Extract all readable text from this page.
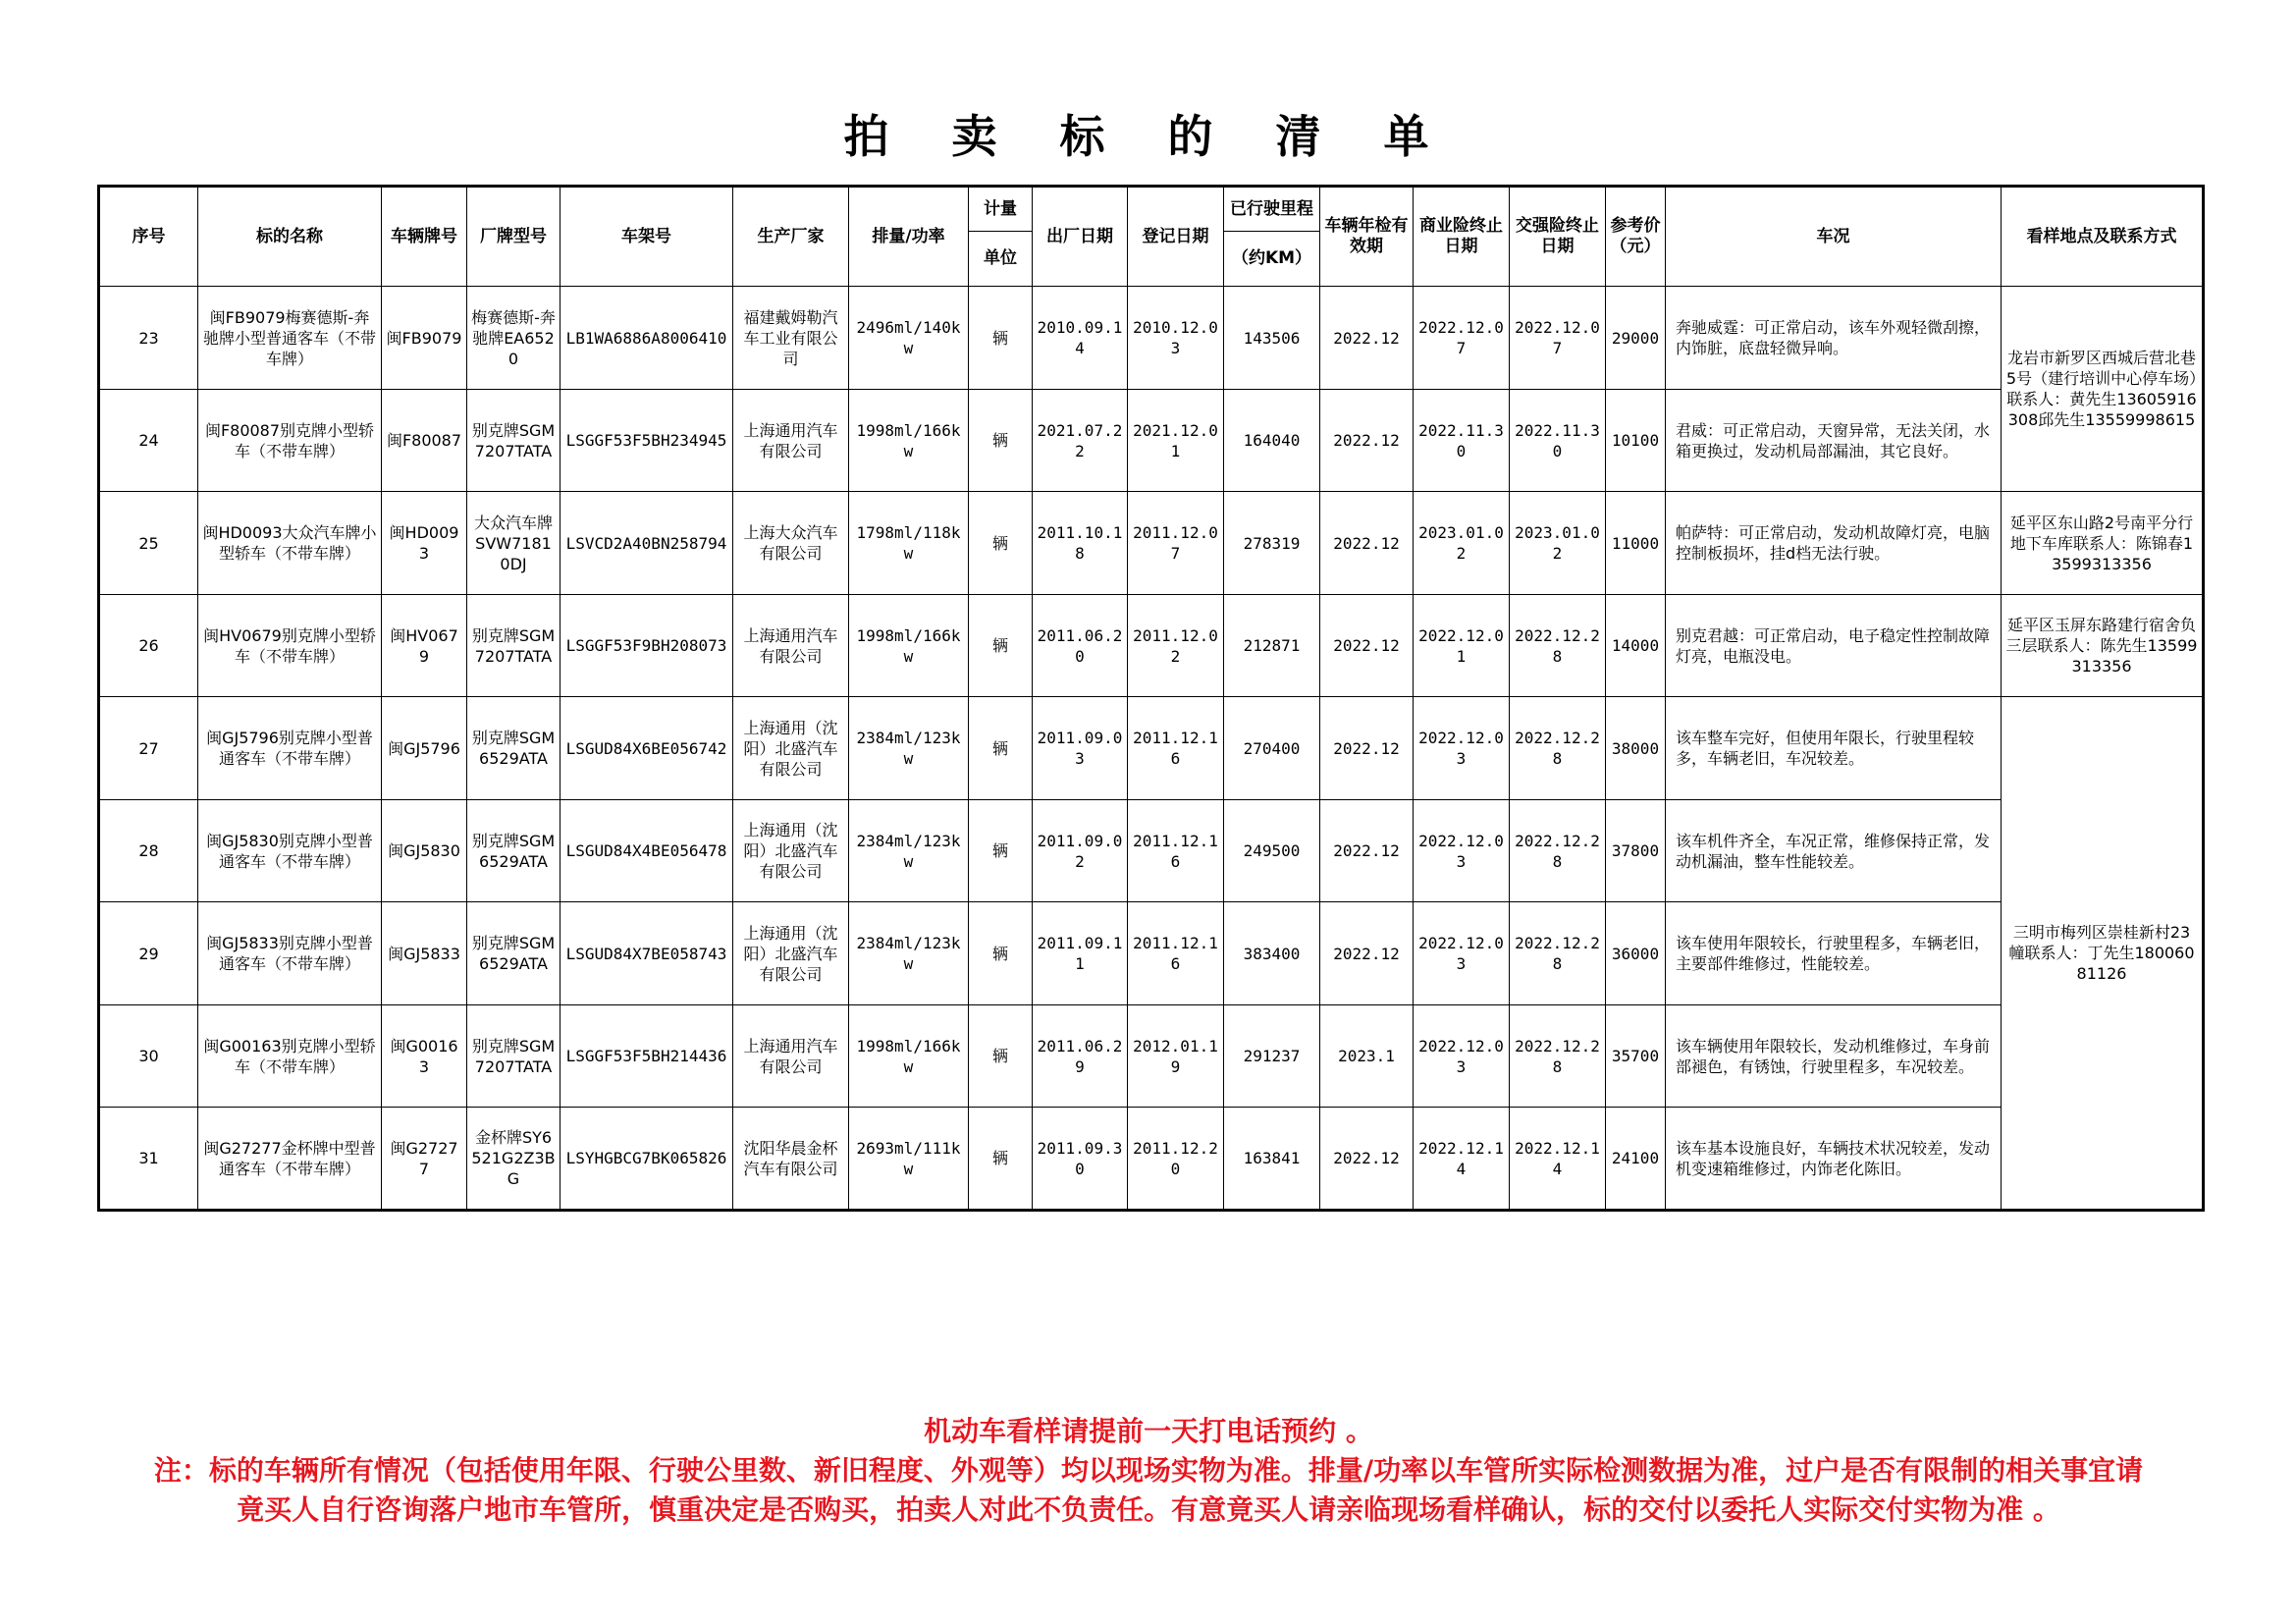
拍 卖 标 的 清 单
序号	标的名称	车辆牌号	厂牌型号	车架号	生产厂家	排量/功率	计量	出厂日期	登记日期	已行驶里程	车辆年检有效期	商业险终止日期	交强险终止日期	参考价（元）	车况	看样地点及联系方式
							单位			（约KM）						
23	闽FB9079梅赛德斯-奔驰牌小型普通客车（不带车牌）	闽FB9079	梅赛德斯-奔驰牌EA6520	LB1WA6886A8006410	福建戴姆勒汽车工业有限公司	2496ml/140kw	辆	2010.09.14	2010.12.03	143506	2022.12	2022.12.07	2022.12.07	29000	奔驰威霆：可正常启动，该车外观轻微刮擦，内饰脏，底盘轻微异响。	龙岩市新罗区西城后营北巷5号（建行培训中心停车场）联系人：黄先生13605916308邱先生13559998615
24	闽F80087别克牌小型轿车（不带车牌）	闽F80087	别克牌SGM7207TATA	LSGGF53F5BH234945	上海通用汽车有限公司	1998ml/166kw	辆	2021.07.22	2021.12.01	164040	2022.12	2022.11.30	2022.11.30	10100	君威：可正常启动，天窗异常，无法关闭，水箱更换过，发动机局部漏油，其它良好。	
25	闽HD0093大众汽车牌小型轿车（不带车牌）	闽HD0093	大众汽车牌SVW71810DJ	LSVCD2A40BN258794	上海大众汽车有限公司	1798ml/118kw	辆	2011.10.18	2011.12.07	278319	2022.12	2023.01.02	2023.01.02	11000	帕萨特：可正常启动，发动机故障灯亮，电脑控制板损坏，挂d档无法行驶。	延平区东山路2号南平分行地下车库联系人：陈锦春13599313356
26	闽HV0679别克牌小型轿车（不带车牌）	闽HV0679	别克牌SGM7207TATA	LSGGF53F9BH208073	上海通用汽车有限公司	1998ml/166kw	辆	2011.06.20	2011.12.02	212871	2022.12	2022.12.01	2022.12.28	14000	别克君越：可正常启动，电子稳定性控制故障灯亮，电瓶没电。	延平区玉屏东路建行宿舍负三层联系人：陈先生13599313356
27	闽GJ5796别克牌小型普通客车（不带车牌）	闽GJ5796	别克牌SGM6529ATA	LSGUD84X6BE056742	上海通用（沈阳）北盛汽车有限公司	2384ml/123kw	辆	2011.09.03	2011.12.16	270400	2022.12	2022.12.03	2022.12.28	38000	该车整车完好，但使用年限长，行驶里程较多，车辆老旧，车况较差。	三明市梅列区崇桂新村23幢联系人：丁先生18006081126
28	闽GJ5830别克牌小型普通客车（不带车牌）	闽GJ5830	别克牌SGM6529ATA	LSGUD84X4BE056478	上海通用（沈阳）北盛汽车有限公司	2384ml/123kw	辆	2011.09.02	2011.12.16	249500	2022.12	2022.12.03	2022.12.28	37800	该车机件齐全，车况正常，维修保持正常，发动机漏油，整车性能较差。	
29	闽GJ5833别克牌小型普通客车（不带车牌）	闽GJ5833	别克牌SGM6529ATA	LSGUD84X7BE058743	上海通用（沈阳）北盛汽车有限公司	2384ml/123kw	辆	2011.09.11	2011.12.16	383400	2022.12	2022.12.03	2022.12.28	36000	该车使用年限较长，行驶里程多，车辆老旧，主要部件维修过，性能较差。	
30	闽G00163别克牌小型轿车（不带车牌）	闽G00163	别克牌SGM7207TATA	LSGGF53F5BH214436	上海通用汽车有限公司	1998ml/166kw	辆	2011.06.29	2012.01.19	291237	2023.1	2022.12.03	2022.12.28	35700	该车辆使用年限较长，发动机维修过，车身前部褪色，有锈蚀，行驶里程多，车况较差。	
31	闽G27277金杯牌中型普通客车（不带车牌）	闽G27277	金杯牌SY6521G2Z3BG	LSYHGBCG7BK065826	沈阳华晨金杯汽车有限公司	2693ml/111kw	辆	2011.09.30	2011.12.20	163841	2022.12	2022.12.14	2022.12.14	24100	该车基本设施良好，车辆技术状况较差，发动机变速箱维修过，内饰老化陈旧。	

机动车看样请提前一天打电话预约 。

注：标的车辆所有情况（包括使用年限、行驶公里数、新旧程度、外观等）均以现场实物为准。排量/功率以车管所实际检测数据为准，过户是否有限制的相关事宜请竟买人自行咨询落户地市车管所，慎重决定是否购买，拍卖人对此不负责任。有意竟买人请亲临现场看样确认，标的交付以委托人实际交付实物为准 。
